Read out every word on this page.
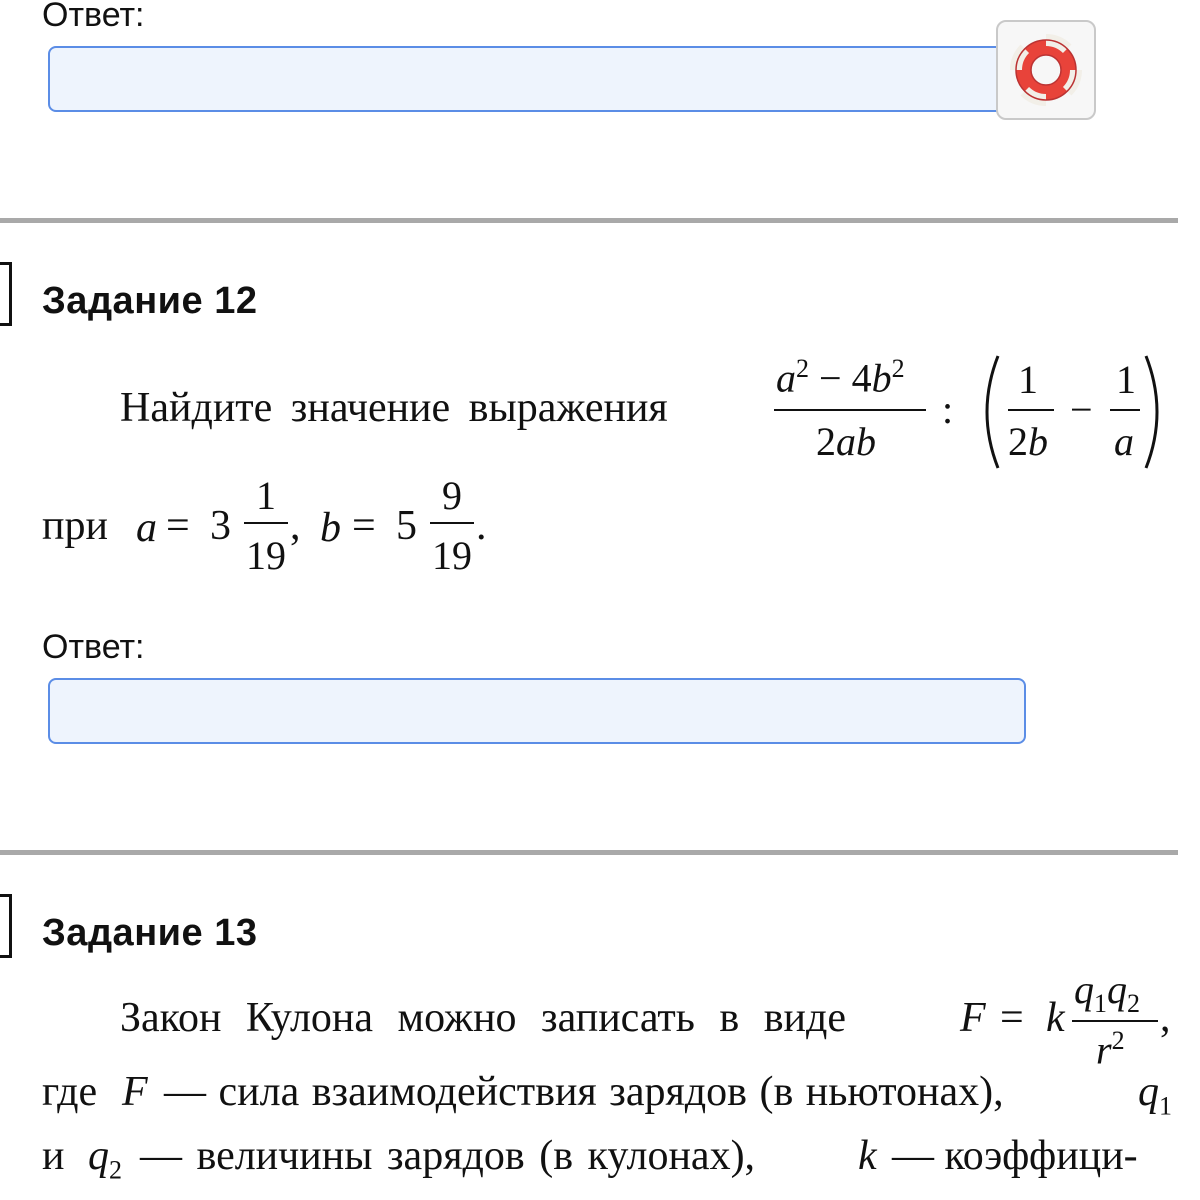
Ответ:
Задание 12
Найдите значение выражения
$a^2 - 4b^2$
2ab
:
1
2b
−
1
a
при a = 3
1
19
, b = 5
9
19
.
Ответ:
Задание 13
Закон Кулона можно записать в виде	F = k
$q_1q_2$
$r^2$ ,
где F — сила взаимодействия зарядов (в ньютонах),	$q_1$
и $q_2$ — величины зарядов (в кулонах), k — коэффици-
